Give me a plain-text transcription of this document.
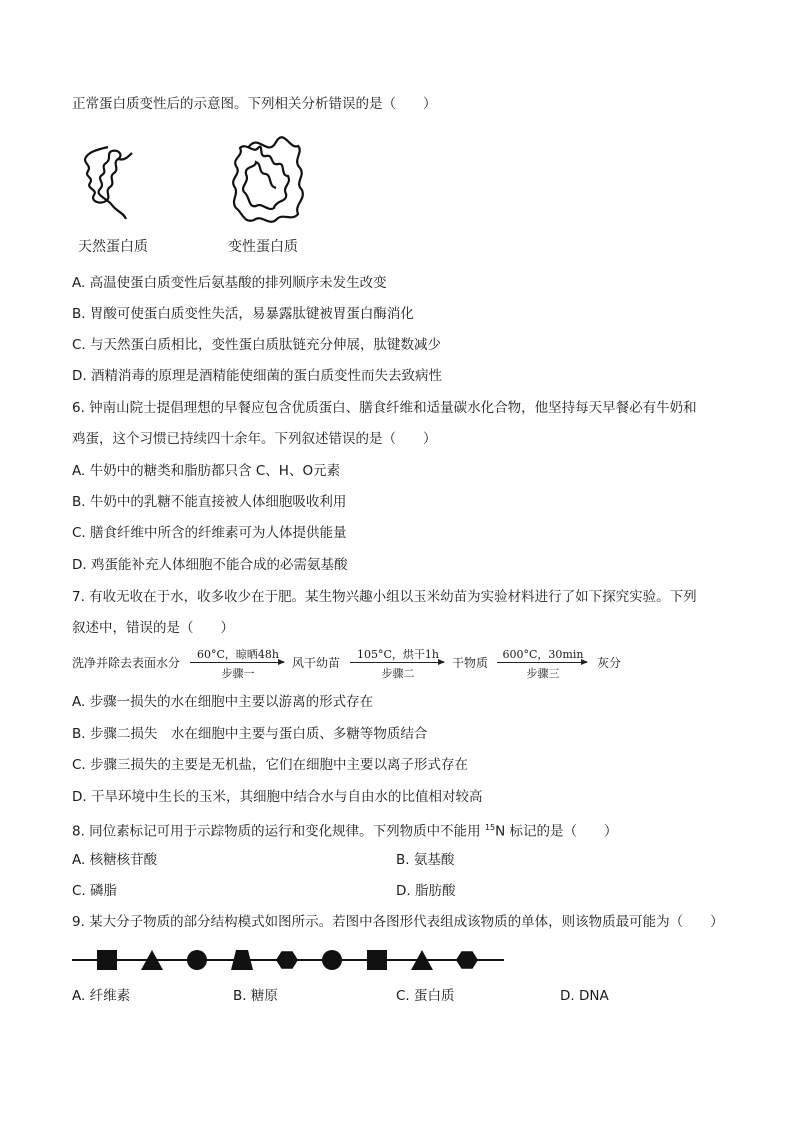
正常蛋白质变性后的示意图。下列相关分析错误的是（　　）
天然蛋白质	变性蛋白质
A. 高温使蛋白质变性后氨基酸的排列顺序未发生改变
B. 胃酸可使蛋白质变性失活，易暴露肽键被胃蛋白酶消化
C. 与天然蛋白质相比，变性蛋白质肽链充分伸展，肽键数减少
D. 酒精消毒的原理是酒精能使细菌的蛋白质变性而失去致病性
6. 钟南山院士提倡理想的早餐应包含优质蛋白、膳食纤维和适量碳水化合物，他坚持每天早餐必有牛奶和
鸡蛋，这个习惯已持续四十余年。下列叙述错误的是（　　）
A. 牛奶中的糖类和脂肪都只含 C、H、O元素
B. 牛奶中的乳糖不能直接被人体细胞吸收利用
C. 膳食纤维中所含的纤维素可为人体提供能量
D. 鸡蛋能补充人体细胞不能合成的必需氨基酸
7. 有收无收在于水，收多收少在于肥。某生物兴趣小组以玉米幼苗为实验材料进行了如下探究实验。下列
叙述中，错误的是（　　）
洗净并除去表面水分
60°C，晾晒48h
步骤一
风干幼苗
105°C，烘干1h
步骤二
干物质
600°C，30min
步骤三
灰分
A. 步骤一损失的水在细胞中主要以游离的形式存在
B. 步骤二损失　水在细胞中主要与蛋白质、多糖等物质结合
C. 步骤三损失的主要是无机盐，它们在细胞中主要以离子形式存在
D. 干旱环境中生长的玉米，其细胞中结合水与自由水的比值相对较高
8. 同位素标记可用于示踪物质的运行和变化规律。下列物质中不能用 $^{15}$N 标记的是（　　）
A. 核糖核苷酸	B. 氨基酸
C. 磷脂	D. 脂肪酸
9. 某大分子物质的部分结构模式如图所示。若图中各图形代表组成该物质的单体，则该物质最可能为（　　）
A. 纤维素	B. 糖原	C. 蛋白质	D. DNA
